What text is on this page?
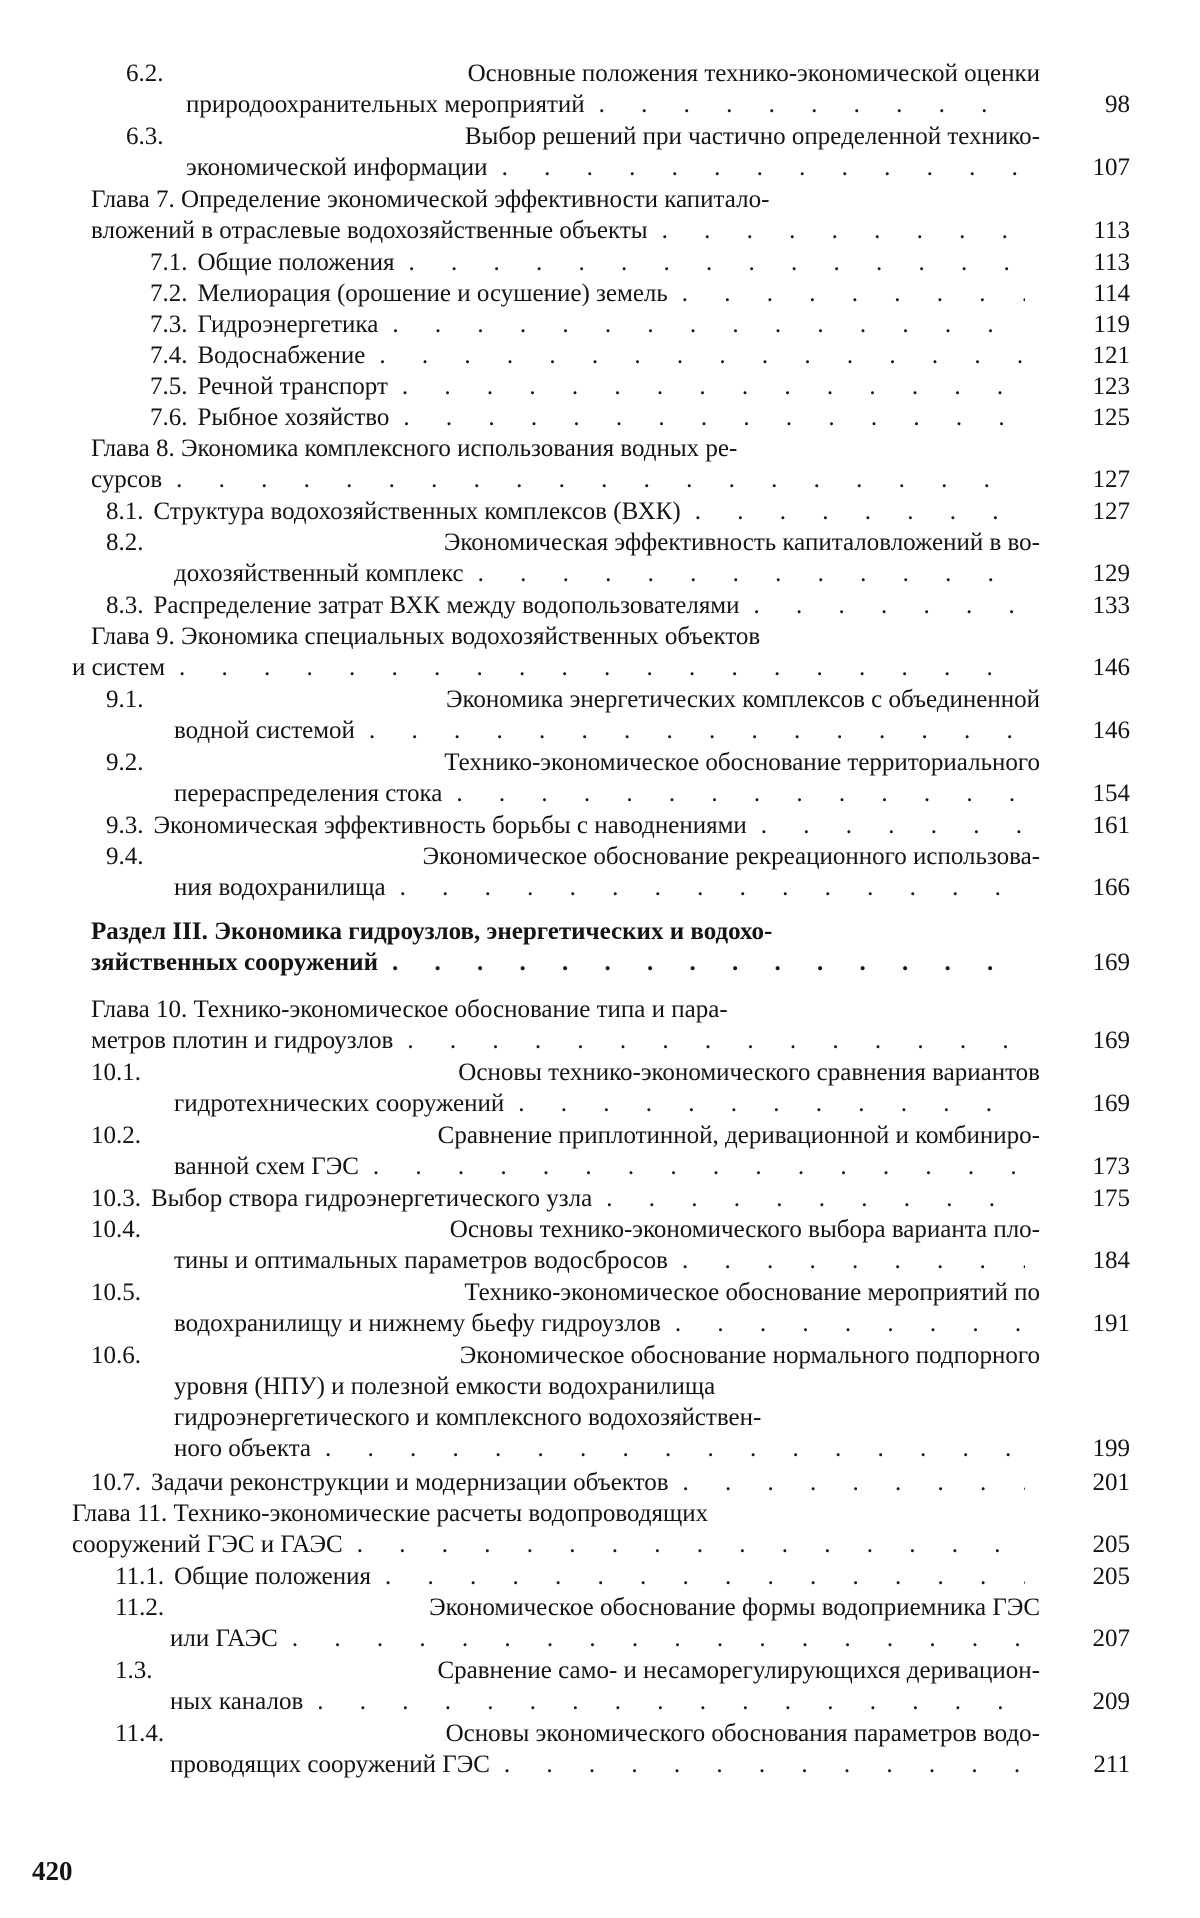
6.2.	Основные положения технико-экономической оценки
природоохранительных мероприятий . . .	98
6.3.	Выбор решений при частично определенной технико-
экономической информации . . .	107
Глава 7. Определение экономической эффективности капитало-
вложений в отраслевые водохозяйственные объекты . . .	113
7.1. Общие положения . . .	113
7.2. Мелиорация (орошение и осушение) земель . . .	114
7.3. Гидроэнергетика . . .	119
7.4. Водоснабжение . . .	121
7.5. Речной транспорт . . .	123
7.6. Рыбное хозяйство . . .	125
Глава 8. Экономика комплексного использования водных ре-
сурсов . . .	127
8.1. Структура водохозяйственных комплексов (ВХК) . . .	127
8.2.	Экономическая эффективность капиталовложений в во-
дохозяйственный комплекс . . .	129
8.3. Распределение затрат ВХК между водопользователями . . .	133
Глава 9. Экономика специальных водохозяйственных объектов
и систем . . .	146
9.1.	Экономика энергетических комплексов с объединенной
водной системой . . .	146
9.2.	Технико-экономическое обоснование территориального
перераспределения стока . . .	154
9.3. Экономическая эффективность борьбы с наводнениями . . .	161
9.4.	Экономическое обоснование рекреационного использова-
ния водохранилища . . .	166
Раздел III. Экономика гидроузлов, энергетических и водохо-
зяйственных сооружений . . .	169
Глава 10. Технико-экономическое обоснование типа и пара-
метров плотин и гидроузлов . . .	169
10.1.	Основы технико-экономического сравнения вариантов
гидротехнических сооружений . . .	169
10.2.	Сравнение приплотинной, деривационной и комбиниро-
ванной схем ГЭС . . .	173
10.3. Выбор створа гидроэнергетического узла . . .	175
10.4.	Основы технико-экономического выбора варианта пло-
тины и оптимальных параметров водосбросов . . .	184
10.5.	Технико-экономическое обоснование мероприятий по
водохранилищу и нижнему бьефу гидроузлов . . .	191
10.6.	Экономическое обоснование нормального подпорного
уровня (НПУ) и полезной емкости водохранилища
гидроэнергетического и комплексного водохозяйствен-
ного объекта . . .	199
10.7. Задачи реконструкции и модернизации объектов . . .	201
Глава 11. Технико-экономические расчеты водопроводящих
сооружений ГЭС и ГАЭС . . .	205
11.1. Общие положения . . .	205
11.2.	Экономическое обоснование формы водоприемника ГЭС
или ГАЭС . . .	207
1.3.	Сравнение само- и несаморегулирующихся деривацион-
ных каналов . . .	209
11.4.	Основы экономического обоснования параметров водо-
проводящих сооружений ГЭС . . .	211
420
